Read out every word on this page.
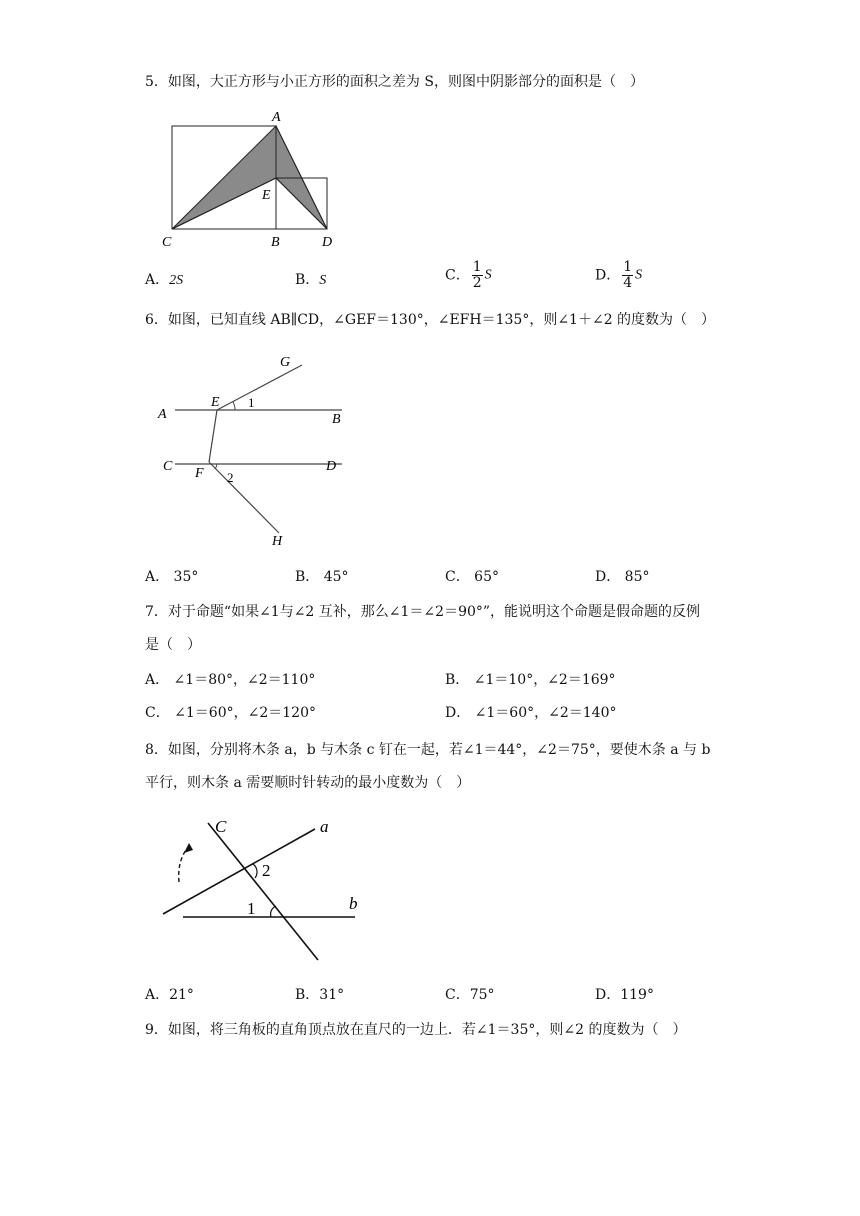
5．如图，大正方形与小正方形的面积之差为 S，则图中阴影部分的面积是（　）
A
E
C	B	D
A．2S	B．S	C． $\frac{1}{2}$ S	D． $\frac{1}{4}$ S
6．如图，已知直线 AB∥CD，∠GEF＝130°，∠EFH＝135°，则∠1＋∠2 的度数为（　）
G
E 1
A	B
C F 2
D
H
A． 35°	B． 45°	C． 65°	D． 85°
7．对于命题“如果∠1与∠2 互补，那么∠1＝∠2＝90°”，能说明这个命题是假命题的反例
是（　）
A． ∠1＝80°，∠2＝110°	B． ∠1＝10°，∠2＝169°
C． ∠1＝60°，∠2＝120°	D． ∠1＝60°，∠2＝140°
8．如图，分别将木条 a，b 与木条 c 钉在一起，若∠1＝44°，∠2＝75°，要使木条 a 与 b
平行，则木条 a 需要顺时针转动的最小度数为（　）
C	a
2
1	b
A．21°	B．31°	C．75°	D．119°
9．如图，将三角板的直角顶点放在直尺的一边上．若∠1＝35°，则∠2 的度数为（　）
